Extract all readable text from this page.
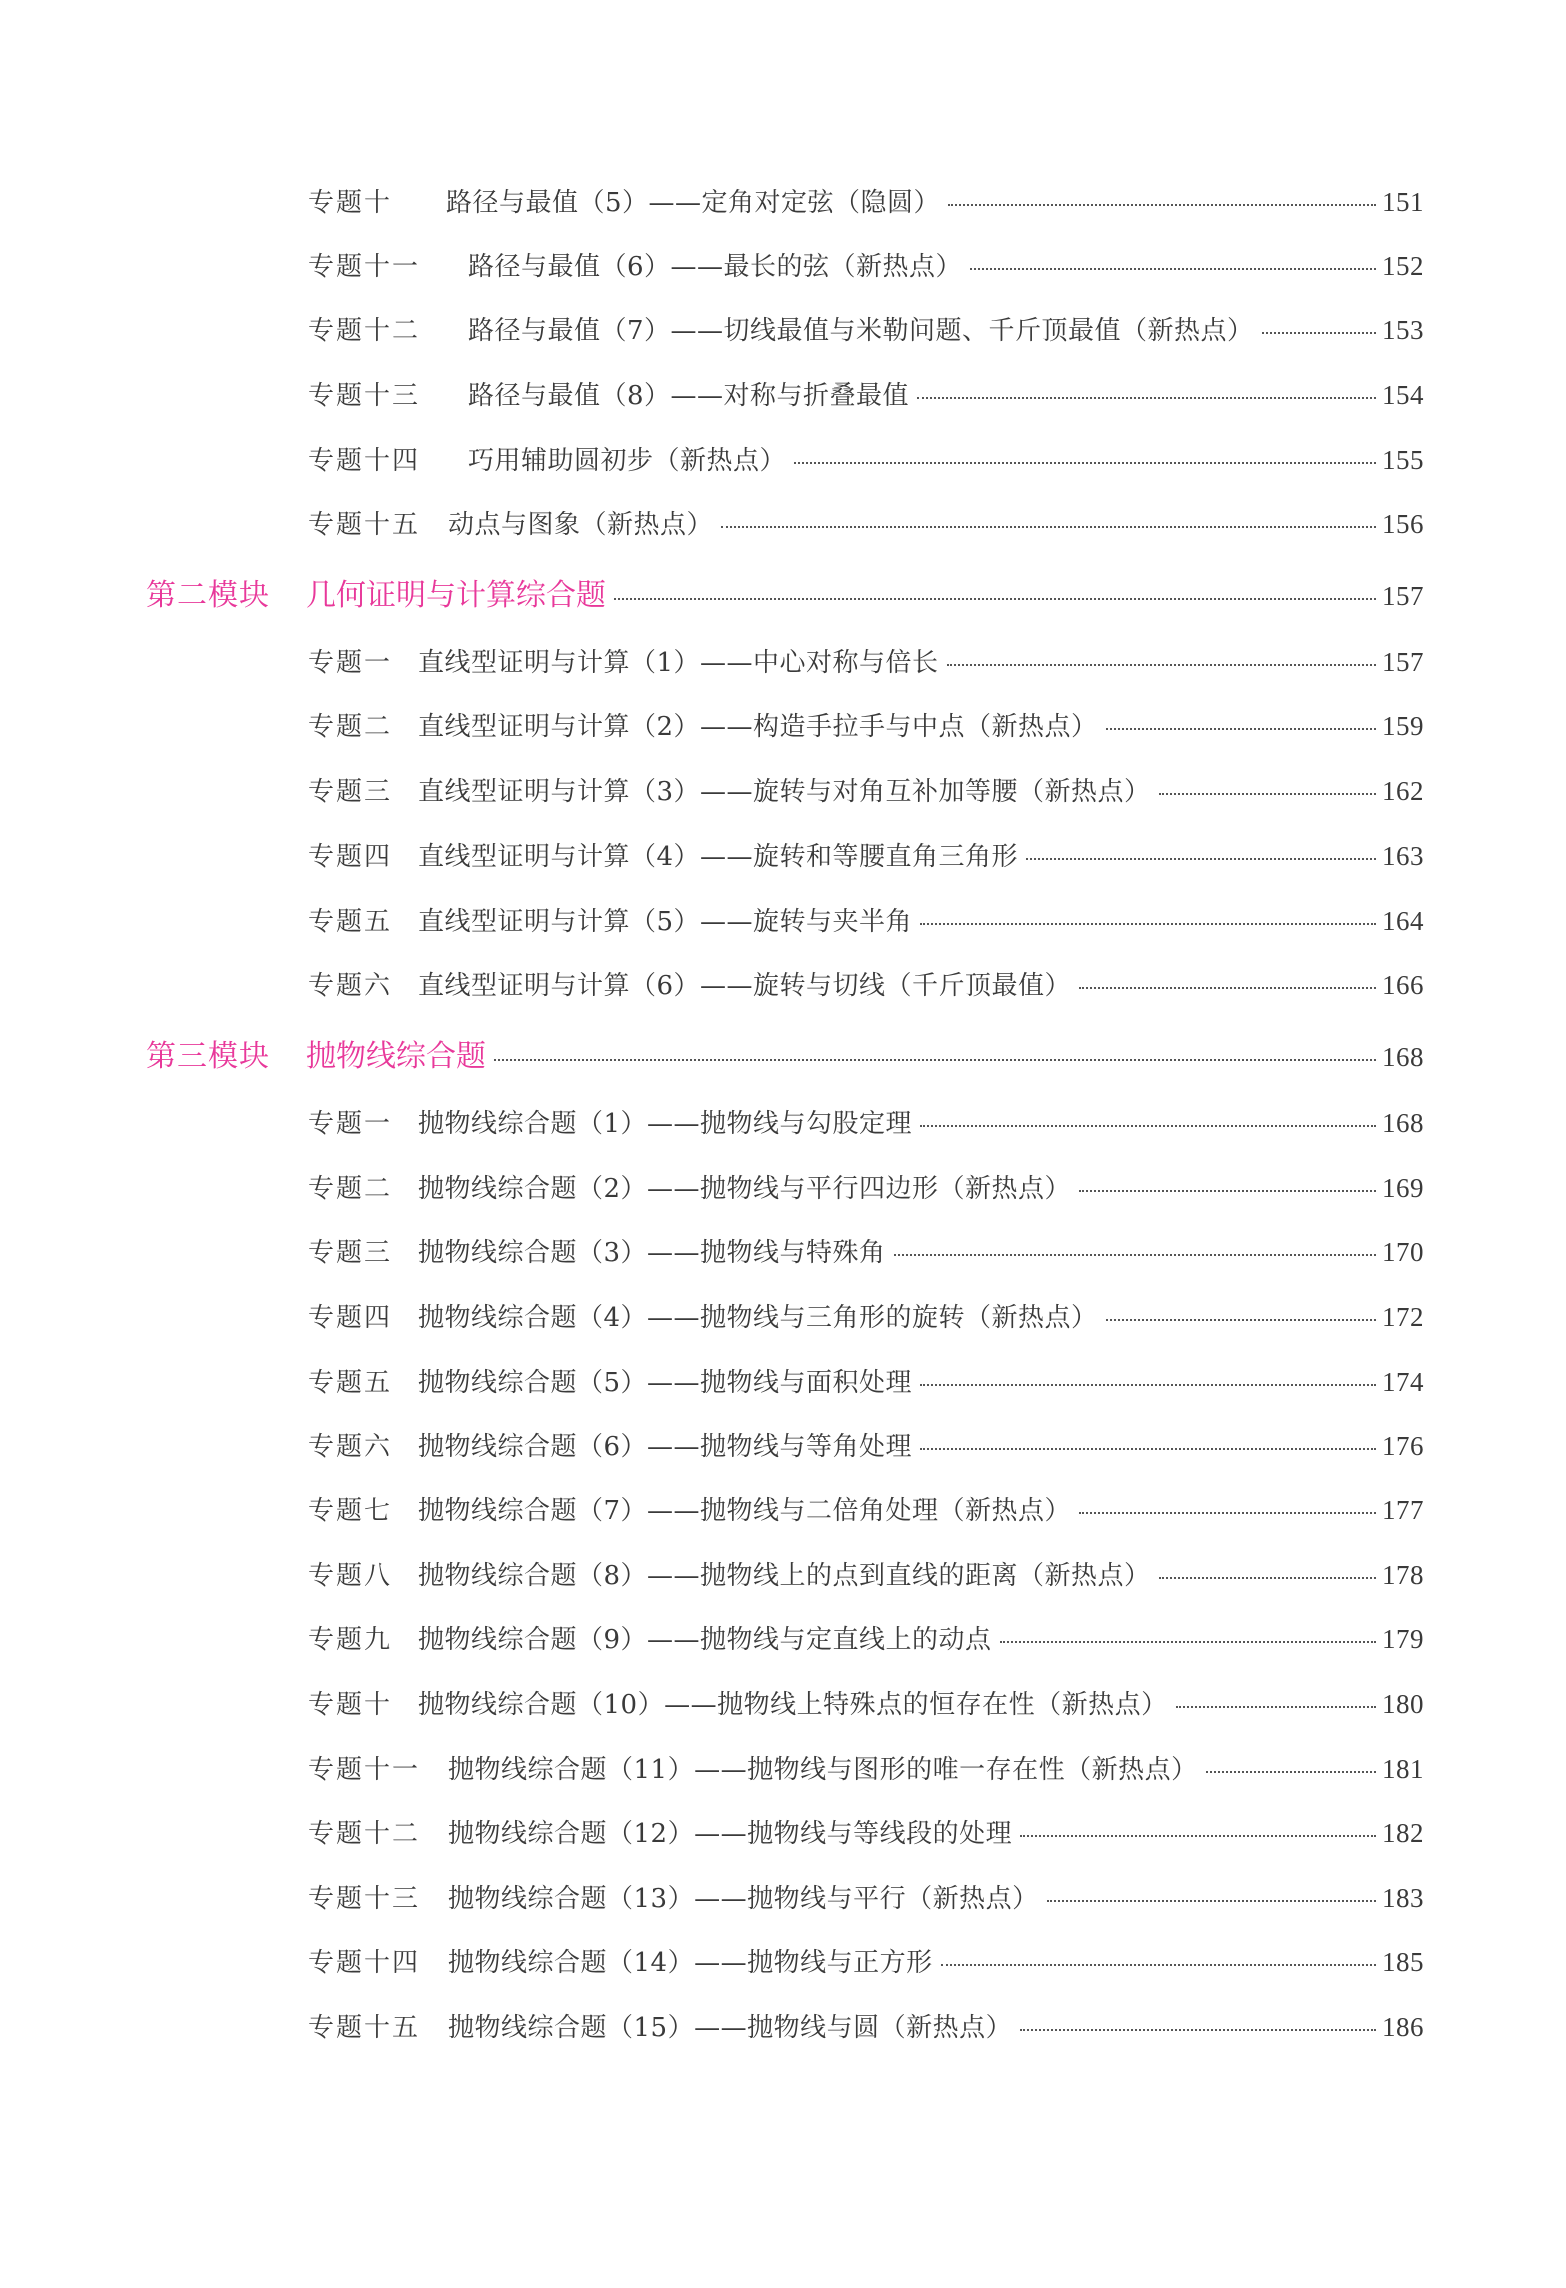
专题十	路径与最值（5）——定角对定弦（隐圆）	151
专题十一	路径与最值（6）——最长的弦（新热点）	152
专题十二	路径与最值（7）——切线最值与米勒问题、千斤顶最值（新热点）	153
专题十三	路径与最值（8）——对称与折叠最值	154
专题十四	巧用辅助圆初步（新热点）	155
专题十五	动点与图象（新热点）	156
第二模块	几何证明与计算综合题	157
专题一 直线型证明与计算（1）——中心对称与倍长	157
专题二 直线型证明与计算（2）——构造手拉手与中点（新热点）	159
专题三 直线型证明与计算（3）——旋转与对角互补加等腰（新热点）	162
专题四 直线型证明与计算（4）——旋转和等腰直角三角形	163
专题五 直线型证明与计算（5）——旋转与夹半角	164
专题六 直线型证明与计算（6）——旋转与切线（千斤顶最值）	166
第三模块	抛物线综合题	168
专题一 抛物线综合题（1）——抛物线与勾股定理	168
专题二 抛物线综合题（2）——抛物线与平行四边形（新热点）	169
专题三 抛物线综合题（3）——抛物线与特殊角	170
专题四 抛物线综合题（4）——抛物线与三角形的旋转（新热点）	172
专题五 抛物线综合题（5）——抛物线与面积处理	174
专题六 抛物线综合题（6）——抛物线与等角处理	176
专题七 抛物线综合题（7）——抛物线与二倍角处理（新热点）	177
专题八 抛物线综合题（8）——抛物线上的点到直线的距离（新热点）	178
专题九 抛物线综合题（9）——抛物线与定直线上的动点	179
专题十 抛物线综合题（10）——抛物线上特殊点的恒存在性（新热点）	180
专题十一	抛物线综合题（11）——抛物线与图形的唯一存在性（新热点）	181
专题十二	抛物线综合题（12）——抛物线与等线段的处理	182
专题十三	抛物线综合题（13）——抛物线与平行（新热点）	183
专题十四	抛物线综合题（14）——抛物线与正方形	185
专题十五	抛物线综合题（15）——抛物线与圆（新热点）	186
